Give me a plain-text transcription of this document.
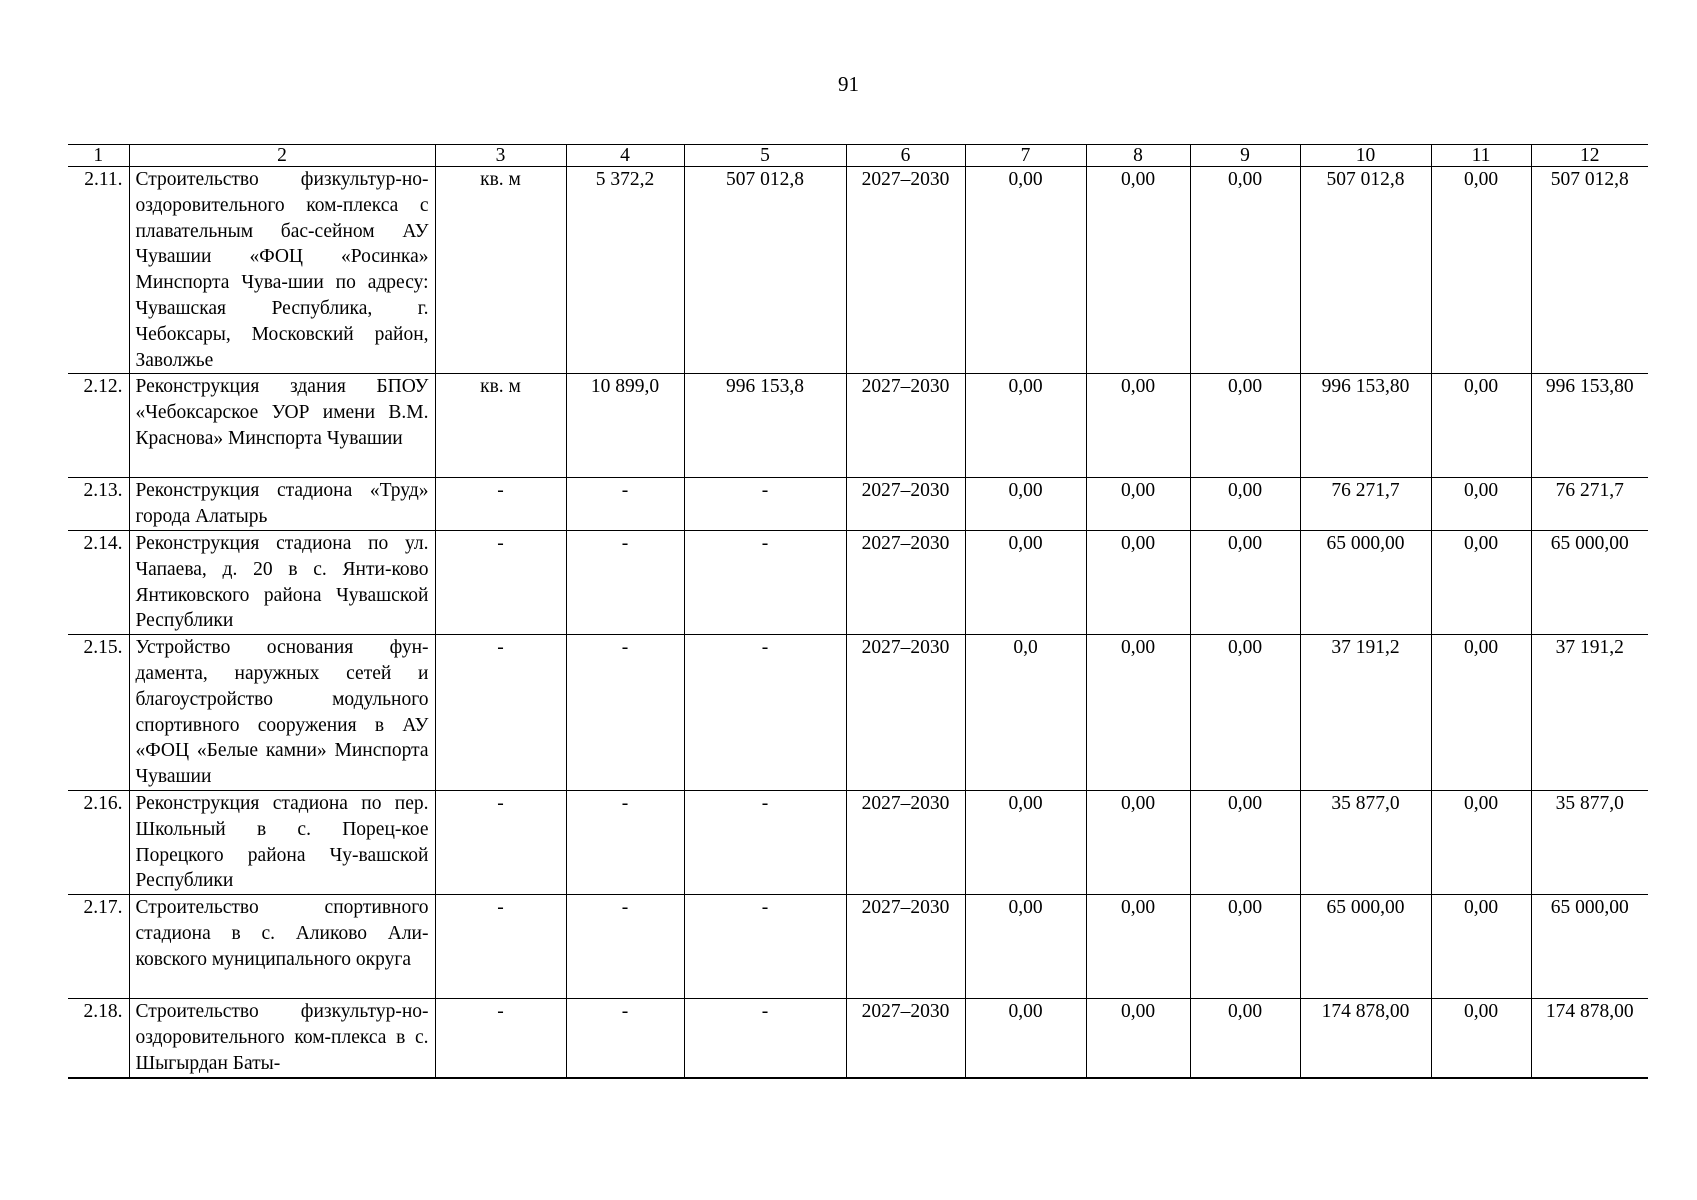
91
1	2	3	4	5	6	7	8	9	10	11	12
2.11.	Строительство физкультур-но-оздоровительного ком-плекса с плавательным бас-сейном АУ Чувашии «ФОЦ «Росинка» Минспорта Чува-шии по адресу: Чувашская Республика, г. Чебоксары, Московский район, Заволжье	кв. м	5 372,2	507 012,8	2027–2030	0,00	0,00	0,00	507 012,8	0,00	507 012,8
2.12.	Реконструкция здания БПОУ «Чебоксарское УОР имени В.М. Краснова» Минспорта Чувашии	кв. м	10 899,0	996 153,8	2027–2030	0,00	0,00	0,00	996 153,80	0,00	996 153,80
2.13.	Реконструкция стадиона «Труд» города Алатырь	-	-	-	2027–2030	0,00	0,00	0,00	76 271,7	0,00	76 271,7
2.14.	Реконструкция стадиона по ул. Чапаева, д. 20 в с. Янти-ково Янтиковского района Чувашской Республики	-	-	-	2027–2030	0,00	0,00	0,00	65 000,00	0,00	65 000,00
2.15.	Устройство основания фун-дамента, наружных сетей и благоустройство модульного спортивного сооружения в АУ «ФОЦ «Белые камни» Минспорта Чувашии	-	-	-	2027–2030	0,0	0,00	0,00	37 191,2	0,00	37 191,2
2.16.	Реконструкция стадиона по пер. Школьный в с. Порец-кое Порецкого района Чу-вашской Республики	-	-	-	2027–2030	0,00	0,00	0,00	35 877,0	0,00	35 877,0
2.17.	Строительство спортивного стадиона в с. Аликово Али-ковского муниципального округа	-	-	-	2027–2030	0,00	0,00	0,00	65 000,00	0,00	65 000,00
2.18.	Строительство физкультур-но-оздоровительного ком-плекса в с. Шыгырдан Баты-	-	-	-	2027–2030	0,00	0,00	0,00	174 878,00	0,00	174 878,00
